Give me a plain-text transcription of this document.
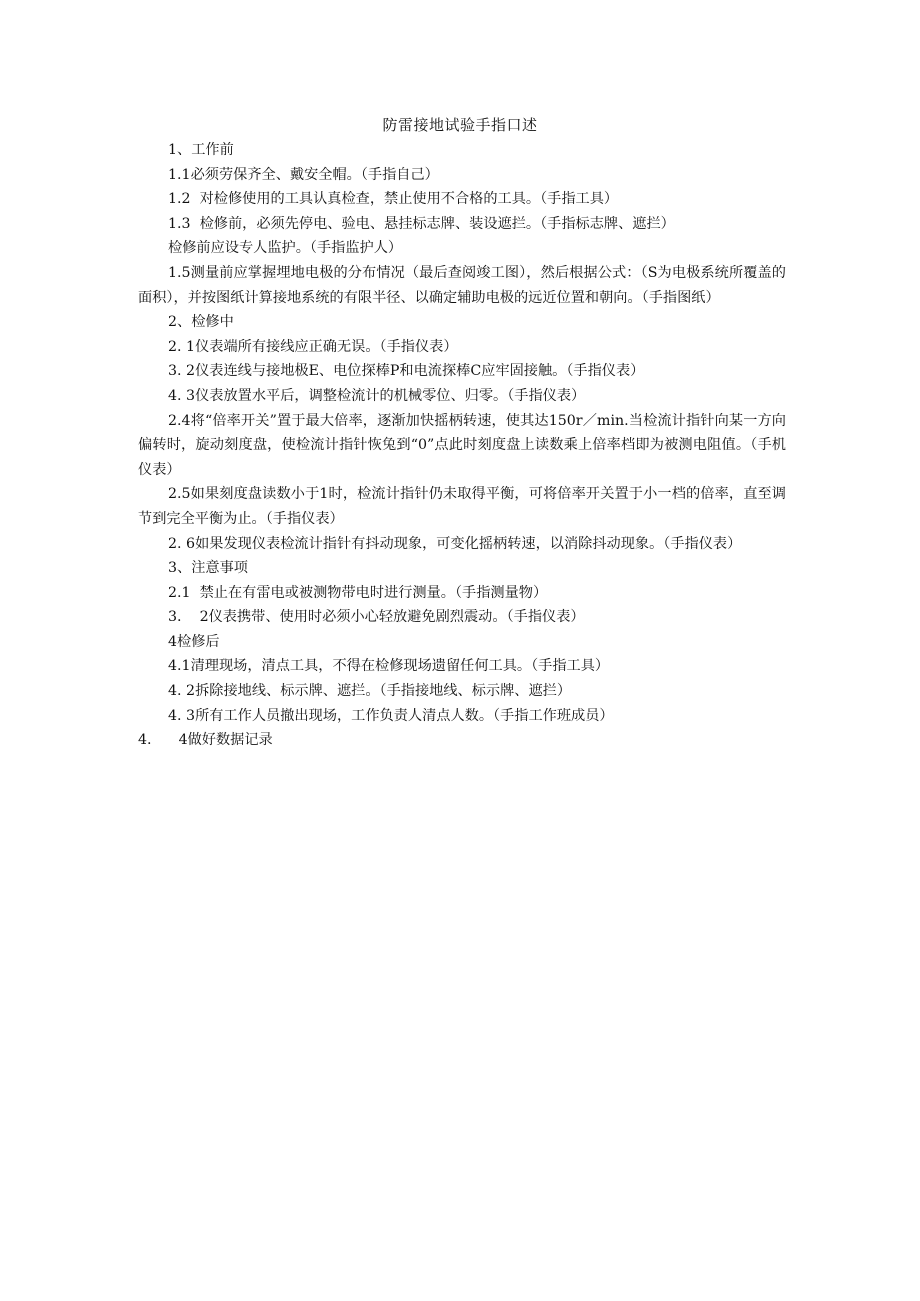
防雷接地试验手指口述

1、工作前

1.1必须劳保齐全、戴安全帽。（手指自己）

1.2  对检修使用的工具认真检查，禁止使用不合格的工具。（手指工具）

1.3  检修前，必须先停电、验电、悬挂标志牌、装设遮拦。（手指标志牌、遮拦）

检修前应设专人监护。（手指监护人）

1.5测量前应掌握埋地电极的分布情况（最后查阅竣工图），然后根据公式：（S为电极系统所覆盖的面积），并按图纸计算接地系统的有限半径、以确定辅助电极的远近位置和朝向。（手指图纸）

2、检修中

2. 1仪表端所有接线应正确无误。（手指仪表）

3. 2仪表连线与接地极E、电位探棒P和电流探棒C应牢固接触。（手指仪表）

4. 3仪表放置水平后，调整检流计的机械零位、归零。（手指仪表）

2.4将“倍率开关”置于最大倍率，逐渐加快摇柄转速，使其达150r／min.当检流计指针向某一方向偏转时，旋动刻度盘，使检流计指针恢兔到“0”点此时刻度盘上读数乘上倍率档即为被测电阻值。（手机仪表）

2.5如果刻度盘读数小于1时，检流计指针仍未取得平衡，可将倍率开关置于小一档的倍率，直至调节到完全平衡为止。（手指仪表）

2. 6如果发现仪表检流计指针有抖动现象，可变化摇柄转速，以消除抖动现象。（手指仪表）

3、注意事项

2.1  禁止在有雷电或被测物带电时进行测量。（手指测量物）

3.    2仪表携带、使用时必须小心轻放避免剧烈震动。（手指仪表）

4检修后

4.1清理现场，清点工具，不得在检修现场遗留任何工具。（手指工具）

4. 2拆除接地线、标示牌、遮拦。（手指接地线、标示牌、遮拦）

4. 3所有工作人员撤出现场，工作负责人清点人数。（手指工作班成员）

4.      4做好数据记录
